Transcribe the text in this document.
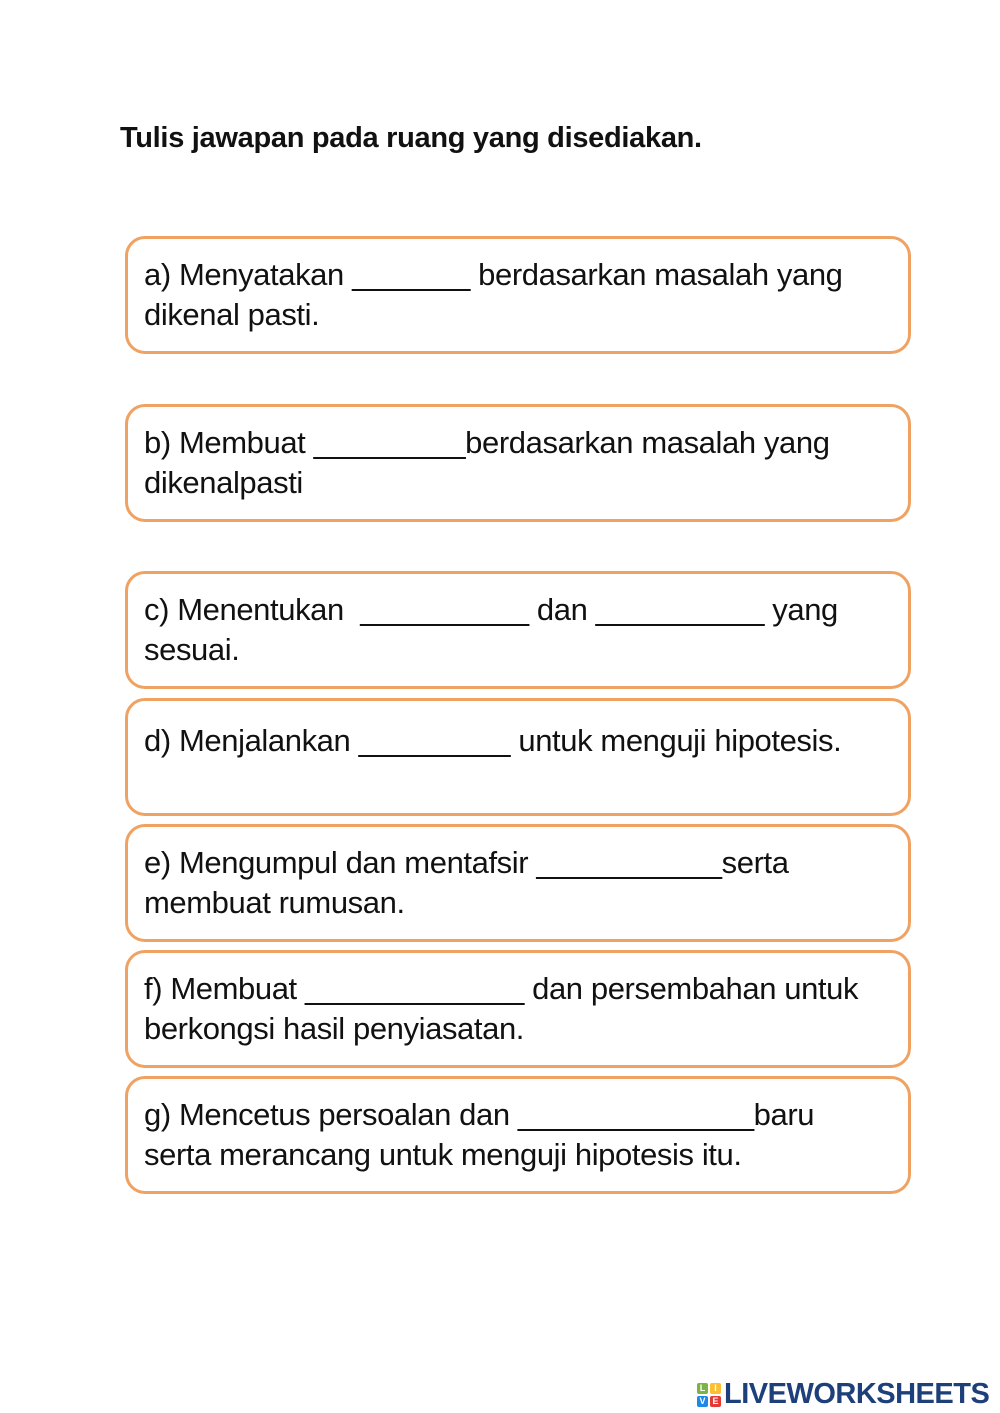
Tulis jawapan pada ruang yang disediakan.
a) Menyatakan _______ berdasarkan masalah yang
dikenal pasti.
b) Membuat _________berdasarkan masalah yang
dikenalpasti
c) Menentukan  __________ dan __________ yang
sesuai.
d) Menjalankan _________ untuk menguji hipotesis.
e) Mengumpul dan mentafsir ___________serta
membuat rumusan.
f) Membuat _____________ dan persembahan untuk
berkongsi hasil penyiasatan.
g) Mencetus persoalan dan ______________baru
serta merancang untuk menguji hipotesis itu.
L I
V E LIVEWORKSHEETS
